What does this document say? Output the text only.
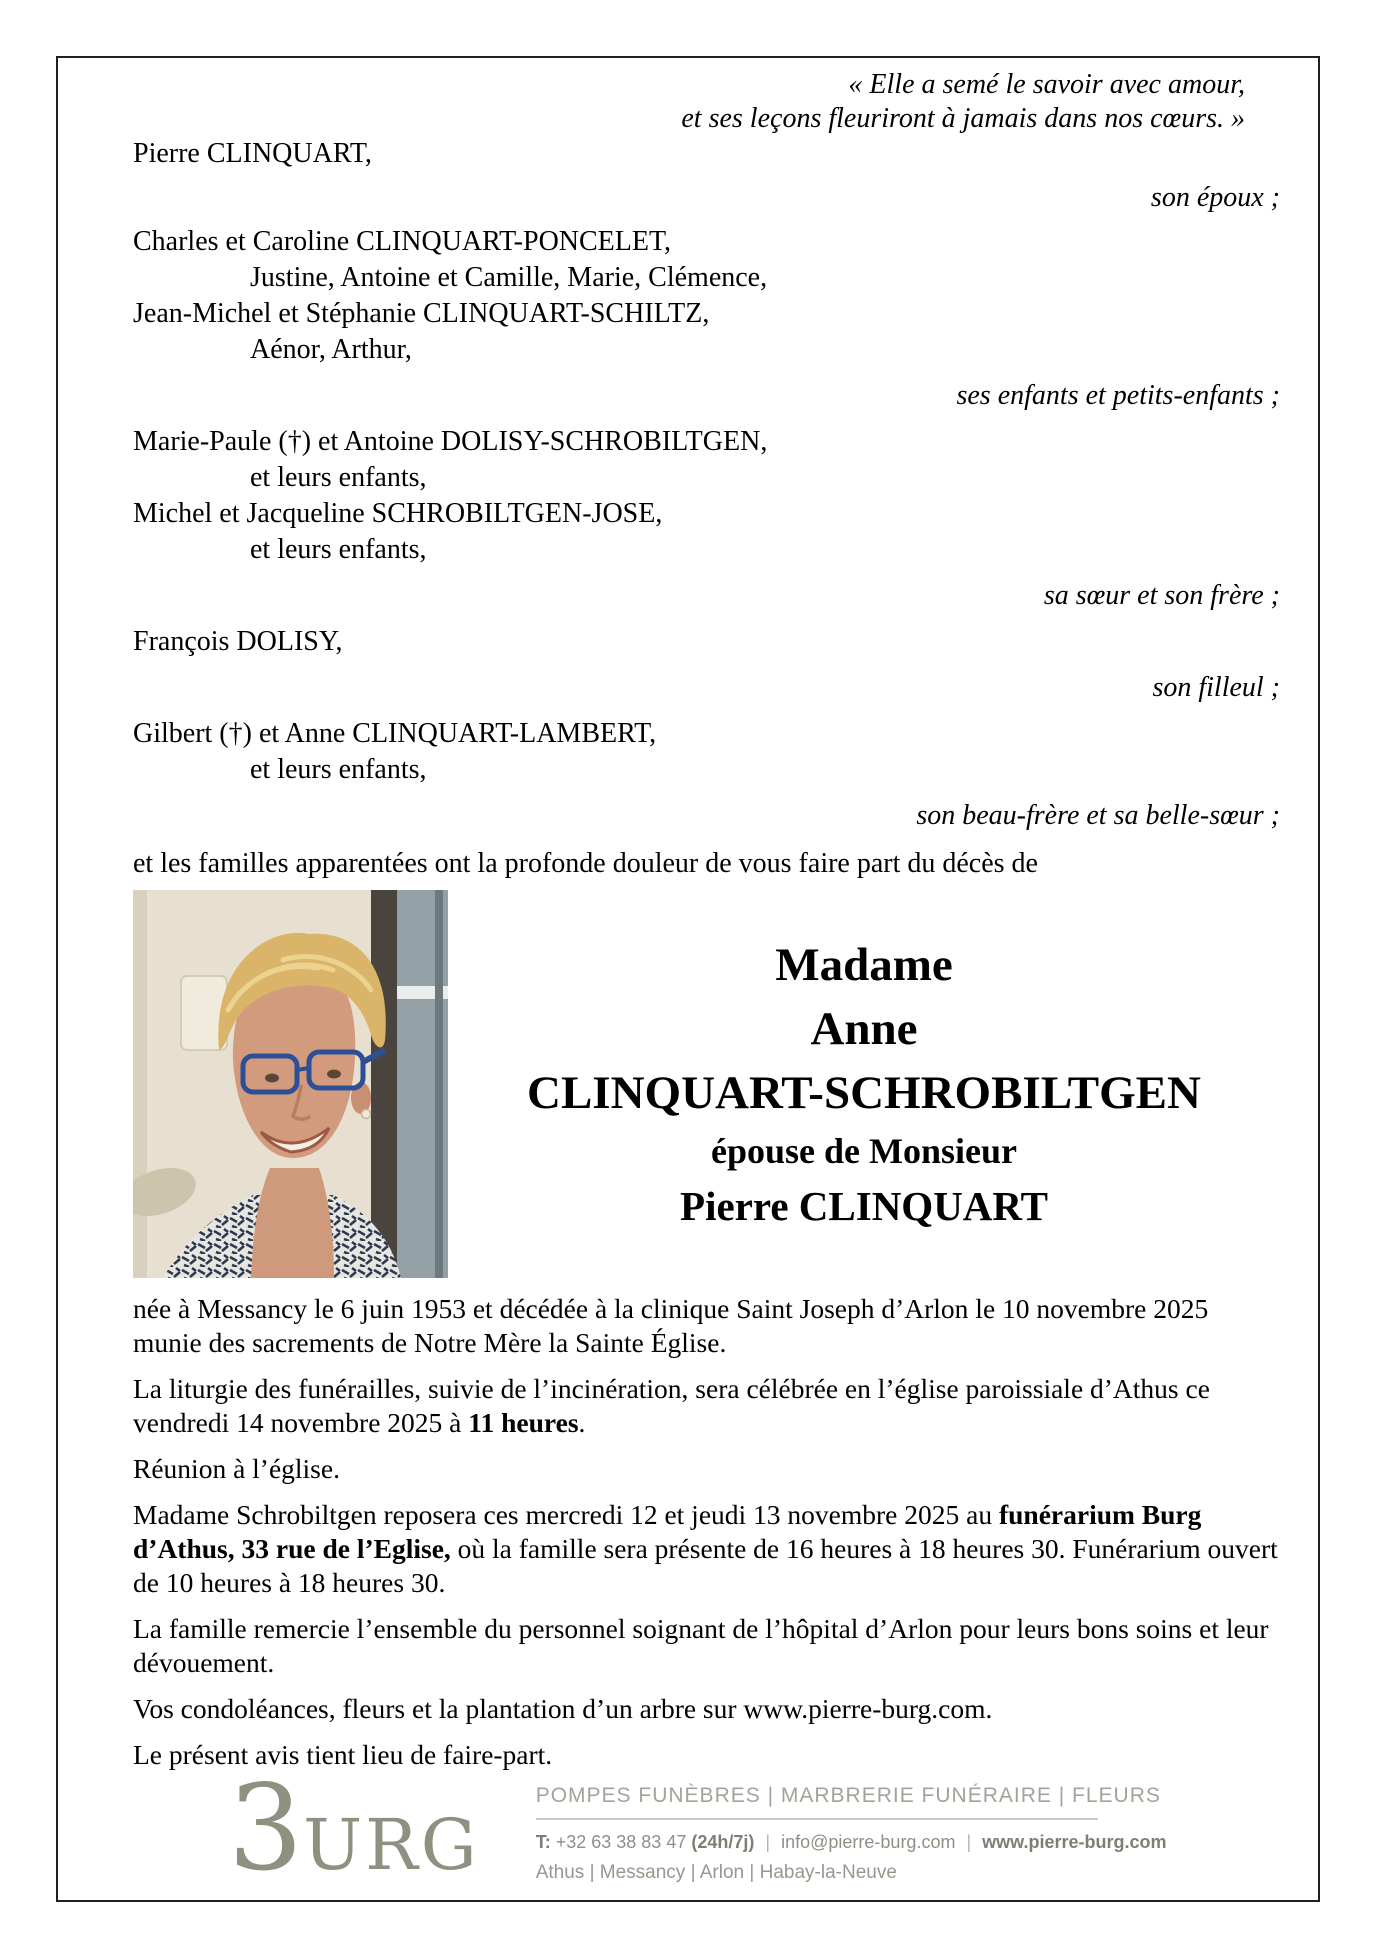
« Elle a semé le savoir avec amour,
et ses leçons fleuriront à jamais dans nos cœurs. »
Pierre CLINQUART,
son époux ;
Charles et Caroline CLINQUART-PONCELET,
Justine, Antoine et Camille, Marie, Clémence,
Jean-Michel et Stéphanie CLINQUART-SCHILTZ,
Aénor, Arthur,
ses enfants et petits-enfants ;
Marie-Paule (†) et Antoine DOLISY-SCHROBILTGEN,
et leurs enfants,
Michel et Jacqueline SCHROBILTGEN-JOSE,
et leurs enfants,
sa sœur et son frère ;
François DOLISY,
son filleul ;
Gilbert (†) et Anne CLINQUART-LAMBERT,
et leurs enfants,
son beau-frère et sa belle-sœur ;
et les familles apparentées ont la profonde douleur de vous faire part du décès de
Madame
Anne
CLINQUART-SCHROBILTGEN
épouse de Monsieur
Pierre CLINQUART

née à Messancy le 6 juin 1953 et décédée à la clinique Saint Joseph d’Arlon le 10 novembre 2025 munie des sacrements de Notre Mère la Sainte Église.

La liturgie des funérailles, suivie de l’incinération, sera célébrée en l’église paroissiale d’Athus ce vendredi 14 novembre 2025 à 11 heures.

Réunion à l’église.

Madame Schrobiltgen reposera ces mercredi 12 et jeudi 13 novembre 2025 au funérarium Burg d’Athus, 33 rue de l’Eglise, où la famille sera présente de 16 heures à 18 heures 30. Funérarium ouvert de 10 heures à 18 heures 30.

La famille remercie l’ensemble du personnel soignant de l’hôpital d’Arlon pour leurs bons soins et leur dévouement.

Vos condoléances, fleurs et la plantation d’un arbre sur www.pierre-burg.com.

Le présent avis tient lieu de faire-part.

3 URG
POMPES FUNÈBRES | MARBRERIE FUNÉRAIRE | FLEURS
T: +32 63 38 83 47 (24h/7j) | info@pierre-burg.com | www.pierre-burg.com
Athus | Messancy | Arlon | Habay-la-Neuve
